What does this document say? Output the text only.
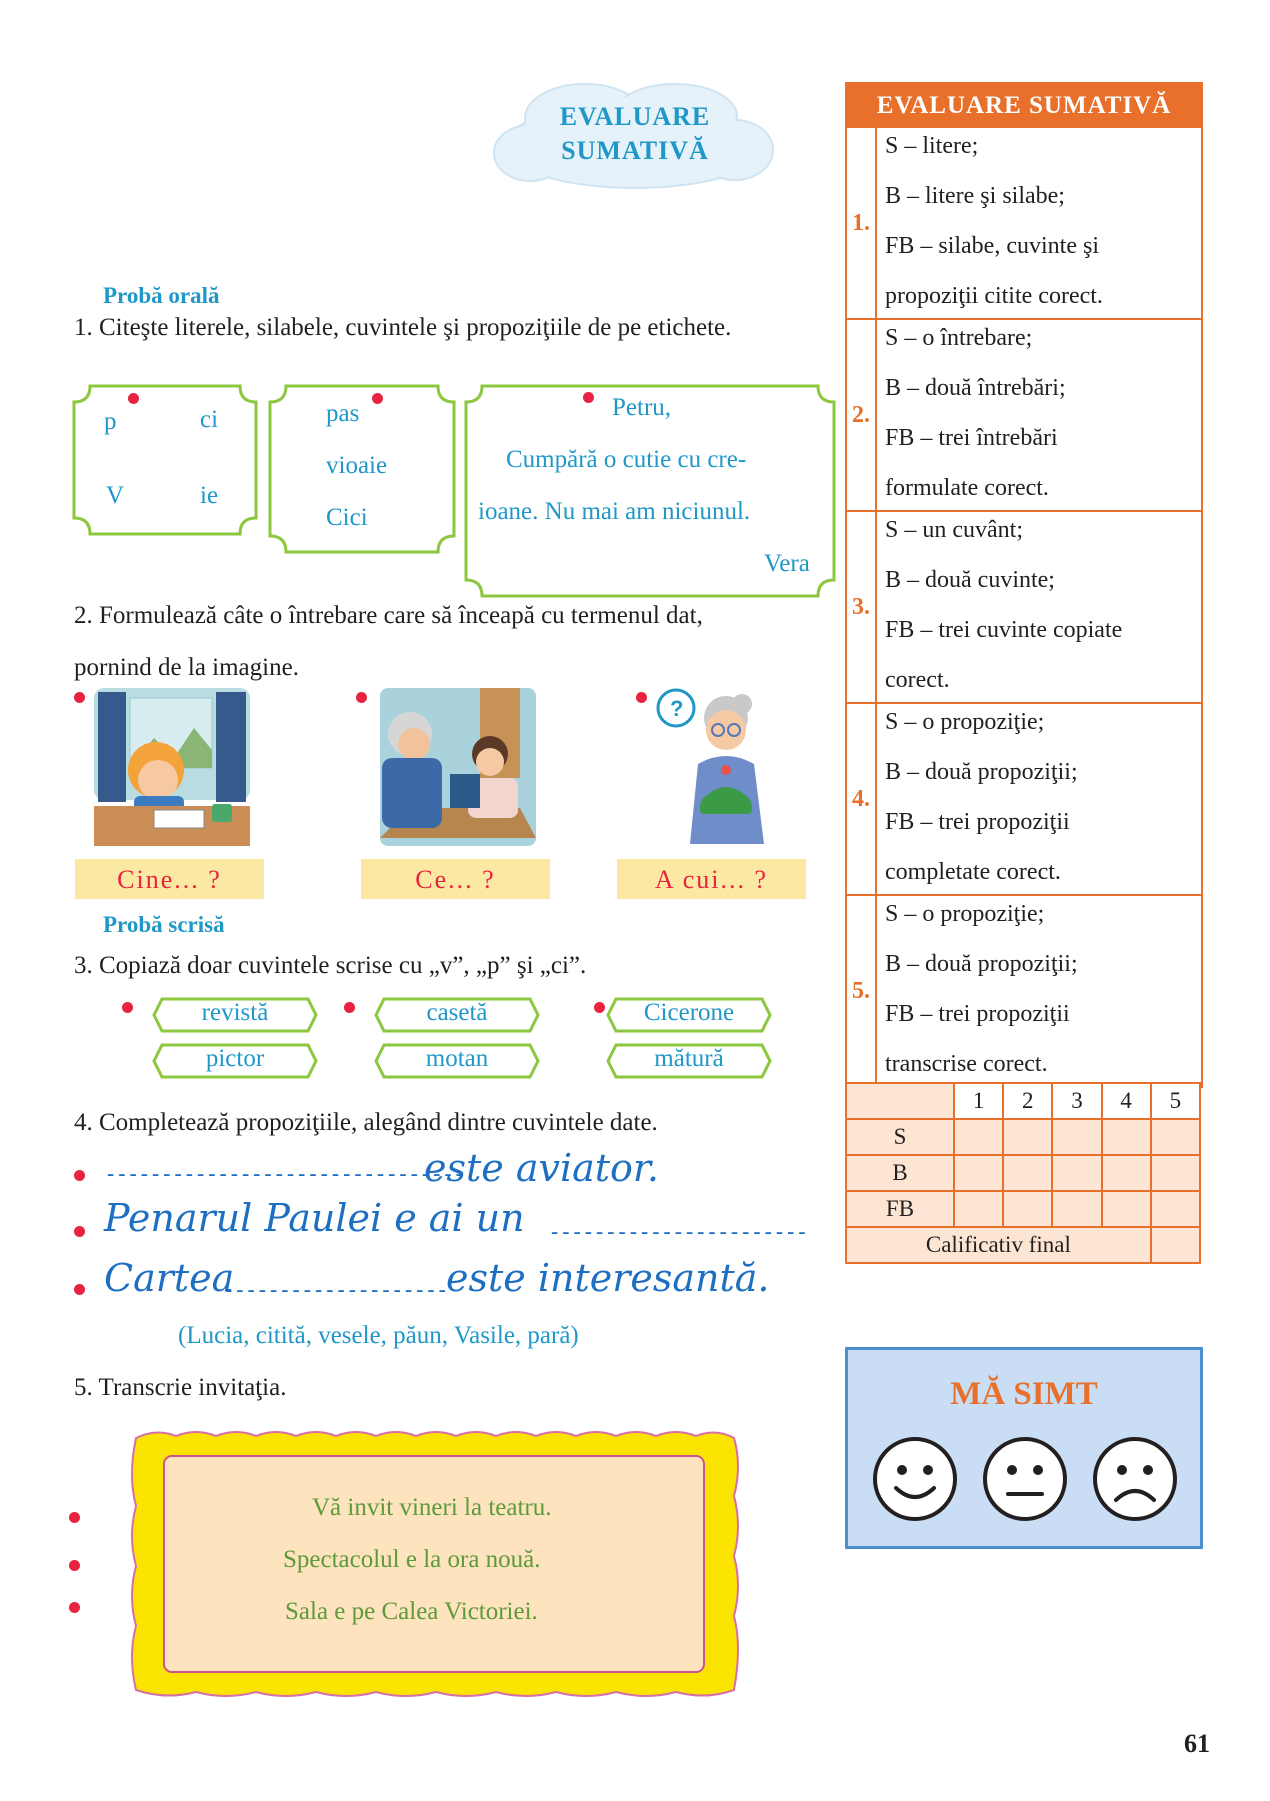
EVALUARE
SUMATIVĂ
Probă orală
1. Citeşte literele, silabele, cuvintele şi propoziţiile de pe etichete.
p	ci
V	ie
pas
vioaie
Cici
Petru,
Cumpără o cutie cu cre-
ioane. Nu mai am niciunul.
Vera
2. Formulează câte o întrebare care să înceapă cu termenul dat,
pornind de la imagine.
?
Cine... ?	Ce... ?	A cui... ?
Probă scrisă
3. Copiază doar cuvintele scrise cu „v”, „p” şi „ci”.
revistă
pictor
casetă
motan
Cicerone
mătură
4. Completează propoziţiile, alegând dintre cuvintele date.
--------------------------------
este aviator.
Penarul Paulei e ai un -----------------------
Cartea
-------------------- este interesantă.
(Lucia, citită, vesele, păun, Vasile, pară)
5. Transcrie invitaţia.
Vă invit vineri la teatru.
Spectacolul e la ora nouă.
Sala e pe Calea Victoriei.
EVALUARE SUMATIVĂ
1.
S – litere;
B – litere şi silabe;
FB – silabe, cuvinte şi
propoziţii citite corect.
2.
S – o întrebare;
B – două întrebări;
FB – trei întrebări
formulate corect.
3.
S – un cuvânt;
B – două cuvinte;
FB – trei cuvinte copiate
corect.
4.
S – o propoziţie;
B – două propoziţii;
FB – trei propoziţii
completate corect.
5.
S – o propoziţie;
B – două propoziţii;
FB – trei propoziţii
transcrise corect.
	1	2	3	4	5
S					
B					
FB					
Calificativ final					
MĂ SIMT
61
